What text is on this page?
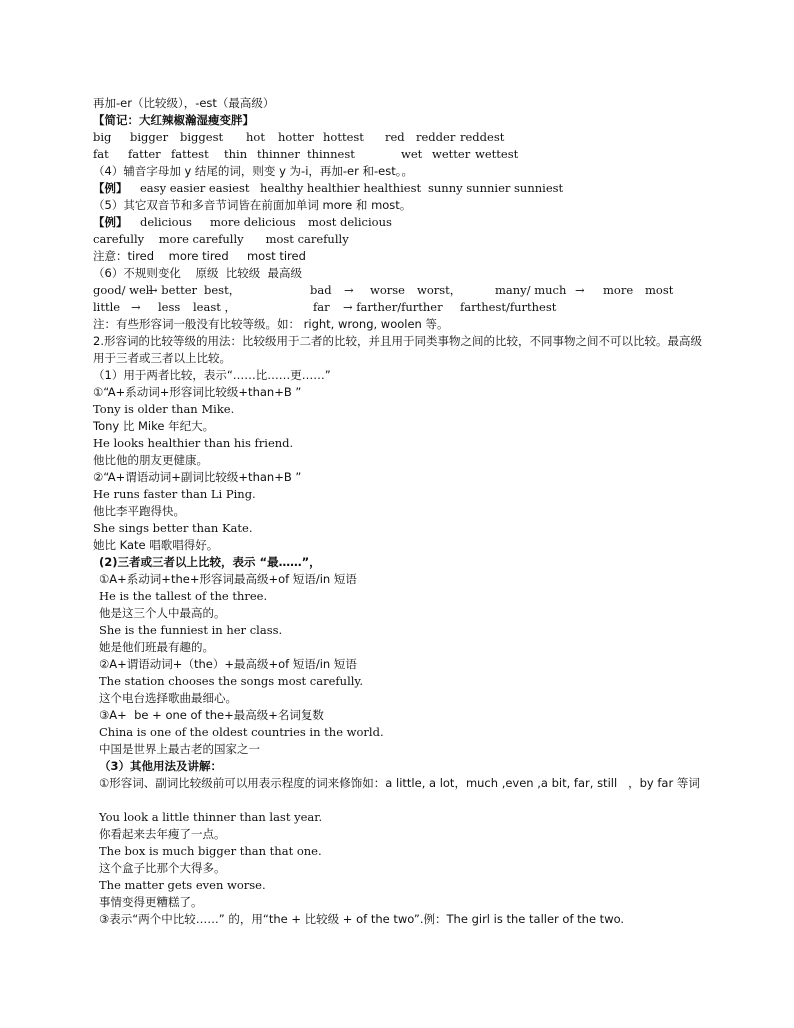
再加-er（比较级），-est（最高级）
【简记：大红辣椒瀚湿瘦变胖】
big	bigger	biggest	hot	hotter hottest	red redder reddest
fat	fatter fattest	thin thinner thinnest	wet wetter wettest
（4）辅音字母加 y 结尾的词，则变 y 为-i，再加-er 和-est。。
【例】	easy easier easiest healthy healthier healthiest sunny sunnier sunniest
（5）其它双音节和多音节词皆在前面加单词 more 和 most。
【例】	delicious	more delicious	most delicious
carefully    more carefully      most carefully
注意：tired    more tired     most tired
（6）不规则变化    原级  比较级  最高级
good/ well
→ better best，	bad	→	worse	worst，	many/ much →	more	most
little →	less	least ，	far	→ farther/further	farthest/furthest
注：有些形容词一般没有比较等级。如： right, wrong, woolen 等。
2.形容词的比较等级的用法：比较级用于二者的比较，并且用于同类事物之间的比较，不同事物之间不可以比较。最高级用于三者或三者以上比较。
（1）用于两者比较，表示“……比……更……”
①“A+系动词+形容词比较级+than+B ”
Tony is older than Mike.
Tony 比 Mike 年纪大。
He looks healthier than his friend.
他比他的朋友更健康。
②“A+谓语动词+副词比较级+than+B ”
He runs faster than Li Ping.
他比李平跑得快。
She sings better than Kate.
她比 Kate 唱歌唱得好。
(2)三者或三者以上比较，表示 “最……”，
①A+系动词+the+形容词最高级+of 短语/in 短语
He is the tallest of the three.
他是这三个人中最高的。
She is the funniest in her class.
她是他们班最有趣的。
②A+谓语动词+（the）+最高级+of 短语/in 短语
The station chooses the songs most carefully.
这个电台选择歌曲最细心。
③A+  be + one of the+最高级+名词复数
China is one of the oldest countries in the world.
中国是世界上最古老的国家之一
（3）其他用法及讲解：
①形容词、副词比较级前可以用表示程度的词来修饰如：a little, a lot，much ,even ,a bit, far, still   ，by far 等词
You look a little thinner than last year.
你看起来去年瘦了一点。
The box is much bigger than that one.
这个盒子比那个大得多。
The matter gets even worse.
事情变得更糟糕了。
③表示“两个中比较……” 的，用“the + 比较级 + of the two”.例：The girl is the taller of the two.
